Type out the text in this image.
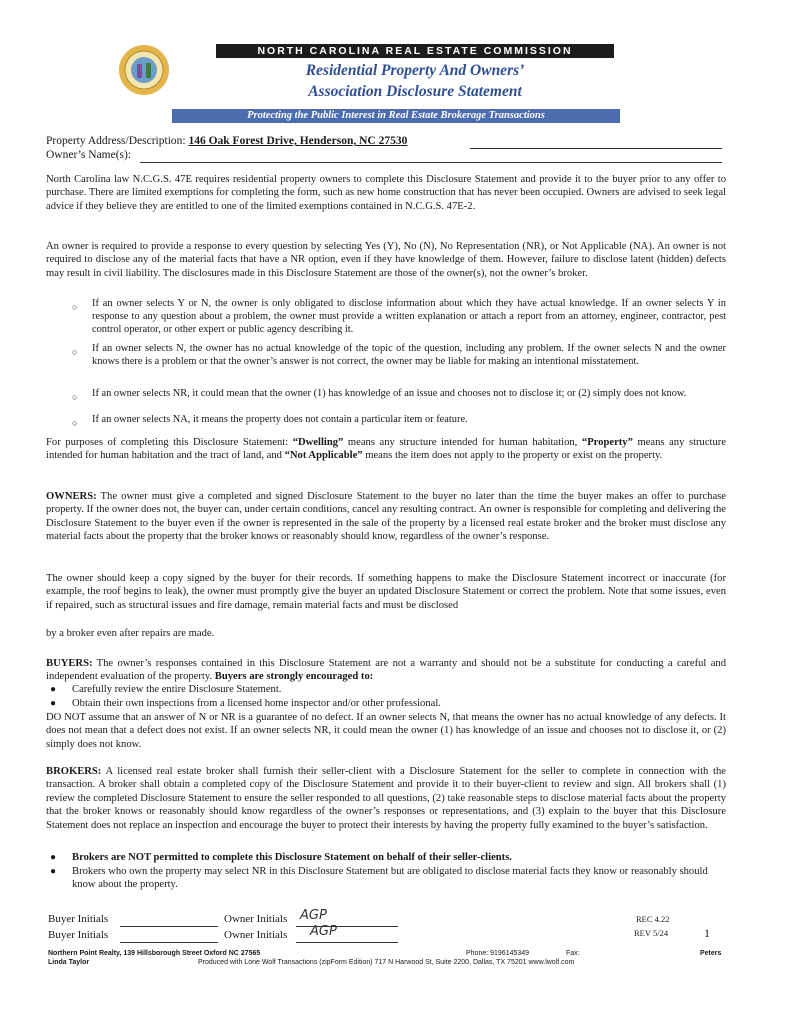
NORTH CAROLINA REAL ESTATE COMMISSION
Residential Property And Owners’
Association Disclosure Statement
Protecting the Public Interest in Real Estate Brokerage Transactions
Property Address/Description: 146 Oak Forest Drive, Henderson, NC 27530
Owner’s Name(s):

North Carolina law N.C.G.S. 47E requires residential property owners to complete this Disclosure Statement and provide it to the buyer prior to any offer to purchase. There are limited exemptions for completing the form, such as new home construction that has never been occupied. Owners are advised to seek legal advice if they believe they are entitled to one of the limited exemptions contained in N.C.G.S. 47E-2.

An owner is required to provide a response to every question by selecting Yes (Y), No (N), No Representation (NR), or Not Applicable (NA). An owner is not required to disclose any of the material facts that have a NR option, even if they have knowledge of them. However, failure to disclose latent (hidden) defects may result in civil liability. The disclosures made in this Disclosure Statement are those of the owner(s), not the owner’s broker.

○ If an owner selects Y or N, the owner is only obligated to disclose information about which they have actual knowledge. If an owner selects Y in response to any question about a problem, the owner must provide a written explanation or attach a report from an attorney, engineer, contractor, pest control operator, or other expert or public agency describing it.

○ If an owner selects N, the owner has no actual knowledge of the topic of the question, including any problem. If the owner selects N and the owner knows there is a problem or that the owner’s answer is not correct, the owner may be liable for making an intentional misstatement.

○ If an owner selects NR, it could mean that the owner (1) has knowledge of an issue and chooses not to disclose it; or (2) simply does not know.

○ If an owner selects NA, it means the property does not contain a particular item or feature.

For purposes of completing this Disclosure Statement: “Dwelling” means any structure intended for human habitation, “Property” means any structure intended for human habitation and the tract of land, and “Not Applicable” means the item does not apply to the property or exist on the property.

OWNERS: The owner must give a completed and signed Disclosure Statement to the buyer no later than the time the buyer makes an offer to purchase property. If the owner does not, the buyer can, under certain conditions, cancel any resulting contract. An owner is responsible for completing and delivering the Disclosure Statement to the buyer even if the owner is represented in the sale of the property by a licensed real estate broker and the broker must disclose any material facts about the property that the broker knows or reasonably should know, regardless of the owner’s response.

The owner should keep a copy signed by the buyer for their records. If something happens to make the Disclosure Statement incorrect or inaccurate (for example, the roof begins to leak), the owner must promptly give the buyer an updated Disclosure Statement or correct the problem. Note that some issues, even if repaired, such as structural issues and fire damage, remain material facts and must be disclosed

by a broker even after repairs are made.

BUYERS: The owner’s responses contained in this Disclosure Statement are not a warranty and should not be a substitute for conducting a careful and independent evaluation of the property. Buyers are strongly encouraged to:

● Carefully review the entire Disclosure Statement.

● Obtain their own inspections from a licensed home inspector and/or other professional.

DO NOT assume that an answer of N or NR is a guarantee of no defect. If an owner selects N, that means the owner has no actual knowledge of any defects. It does not mean that a defect does not exist. If an owner selects NR, it could mean the owner (1) has knowledge of an issue and chooses not to disclose it, or (2) simply does not know.

BROKERS: A licensed real estate broker shall furnish their seller-client with a Disclosure Statement for the seller to complete in connection with the transaction. A broker shall obtain a completed copy of the Disclosure Statement and provide it to their buyer-client to review and sign. All brokers shall (1) review the completed Disclosure Statement to ensure the seller responded to all questions, (2) take reasonable steps to disclose material facts about the property that the broker knows or reasonably should know regardless of the owner’s responses or representations, and (3) explain to the buyer that this Disclosure Statement does not replace an inspection and encourage the buyer to protect their interests by having the property fully examined to the buyer’s satisfaction.

● Brokers are NOT permitted to complete this Disclosure Statement on behalf of their seller-clients.

● Brokers who own the property may select NR in this Disclosure Statement but are obligated to disclose material facts they know or reasonably should know about the property.

Buyer Initials
Buyer Initials
Owner Initials AGP
Owner Initials AGP
REC 4.22
REV 5/24	1
Northern Point Realty, 139 Hillsborough Street Oxford NC 27565
Linda Taylor
Phone: 9196145349	Fax:
Produced with Lone Wolf Transactions (zipForm Edition) 717 N Harwood St, Suite 2200, Dallas, TX 75201 www.lwolf.com
Peters
